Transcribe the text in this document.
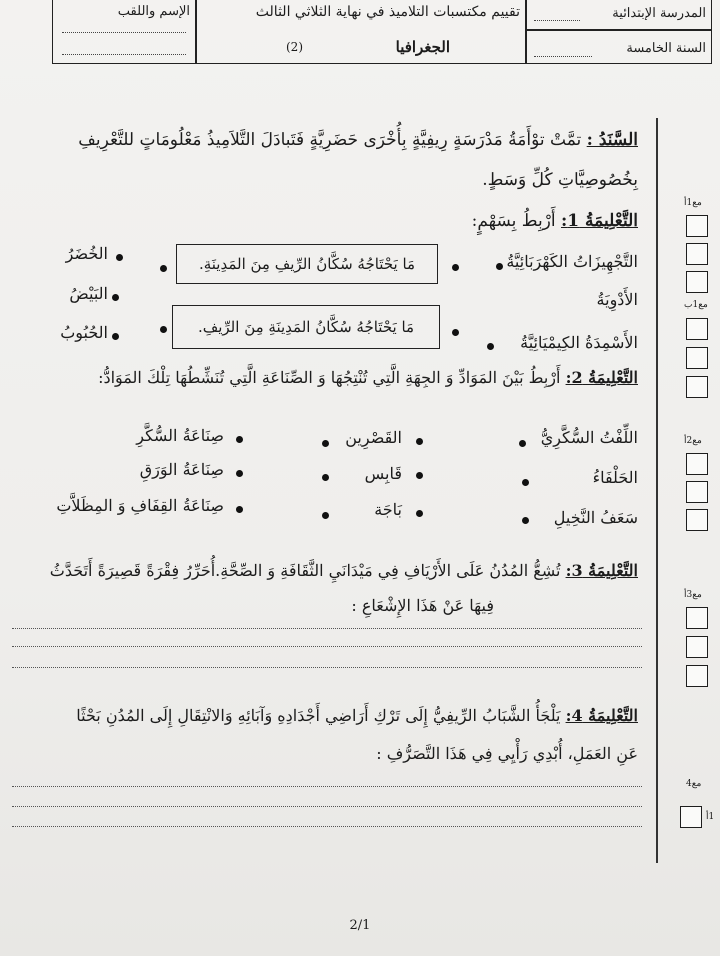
الإسم واللقب	تقييم مكتسبات التلاميذ في نهاية الثلاثي الثالث
الجغرافيا
(2)
المدرسة الإبتدائية
السنة الخامسة
مع1أ
مع1ب
مع2أ
مع3أ
مع4
1أ
السَّنَدُ : تمَّتْ توْأَمَةُ مَدْرَسَةٍ رِيفِيَّةٍ بِأُخْرَى حَضَرِيَّةٍ فَتَبادَلَ التَّلاَمِيذُ مَعْلُومَاتٍ للتَّعْرِيفِ
بِخُصُوصِيَّاتِ كُلِّ وَسَطٍ.
التَّعْلِيمَةُ 1: أَرْبِطُ بِسَهْمٍ:
التَّجْهِيزَاتُ الكَهْرَبَائِيَّةُ
الأَدْوِيَةُ
الأَسْمِدَةُ الكِيمْيَائِيَّةُ
مَا يَحْتَاجُهُ سُكَّانُ الرِّيفِ مِنَ المَدِينَةِ.
مَا يَحْتَاجُهُ سُكَّانُ المَدِينَةِ مِنَ الرِّيفِ.
الخُضَرُ
البَيْضُ
الحُبُوبُ
التَّعْلِيمَةُ 2: أَرْبِطُ بَيْنَ المَوَادِّ وَ الجِهَةِ الَّتِي تُنْتِجُهَا وَ الصِّنَاعَةِ الَّتِي تُنَشِّطُهَا تِلْكَ المَوَادُّ:
اللِّفْتُ السُّكَّرِيُّ
الحَلْفَاءُ
سَعَفُ النَّخِيلِ
القَصْرِين
قَابِس
بَاجَة
صِنَاعَةُ السُّكَّرِ
صِنَاعَةُ الوَرَقِ
صِنَاعَةُ القِفَافِ وَ المِظَلاَّتِ
التَّعْلِيمَةُ 3: تُشِعُّ المُدُنُ عَلَى الأَرْيَافِ فِي مَيْدَانَيِ الثَّقَافَةِ وَ الصِّحَّةِ.أُحَرِّرُ فِقْرَةً قَصِيرَةً أَتَحَدَّثُ
فِيهَا عَنْ هَذَا الإِشْعَاعِ :
التَّعْلِيمَةُ 4: يَلْجَأُ الشَّبَابُ الرِّيفِيُّ إِلَى تَرْكِ أَرَاضِي أَجْدَادِهِ وَآبَائِهِ وَالانْتِقَالِ إِلَى المُدُنِ بَحْثًا
عَنِ العَمَلِ، أُبْدِي رَأْيِي فِي هَذَا التَّصَرُّفِ :
2/1
